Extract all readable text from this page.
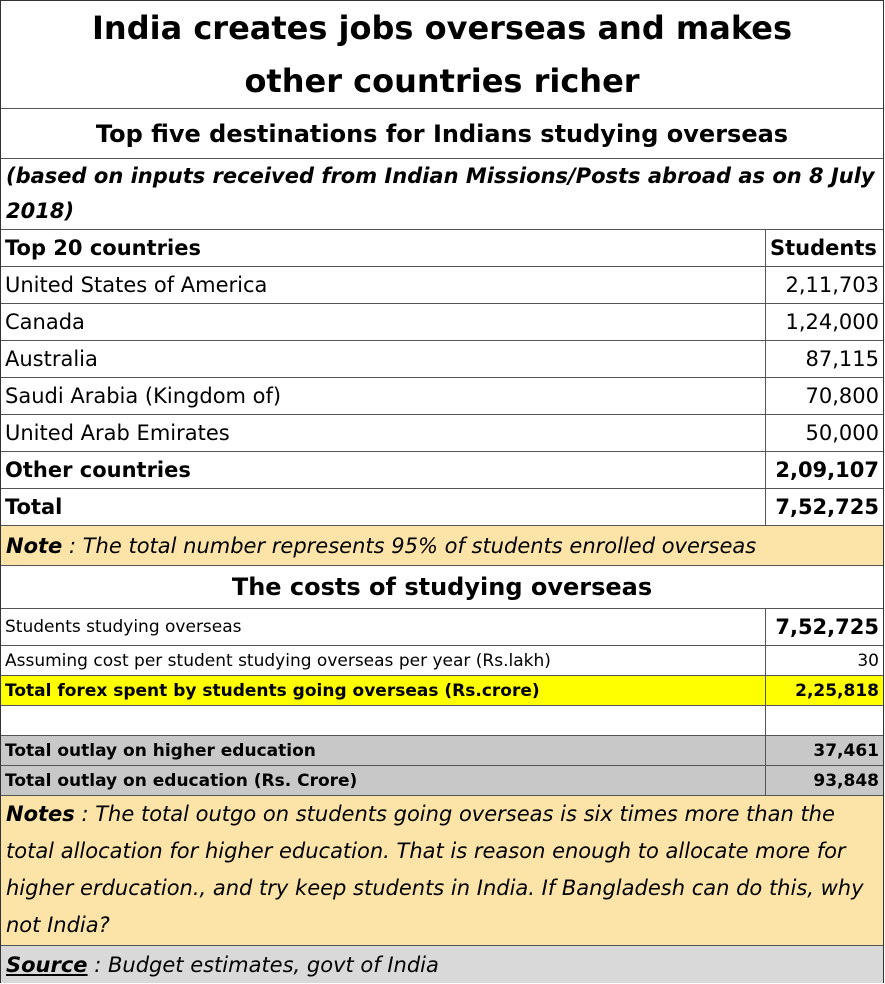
India creates jobs overseas and makes other countries richer
Top five destinations for Indians studying overseas
(based on inputs received from Indian Missions/Posts abroad as on 8 July 2018)
Top 20 countries	Students
United States of America	2,11,703
Canada	1,24,000
Australia	87,115
Saudi Arabia (Kingdom of)	70,800
United Arab Emirates	50,000
Other countries	2,09,107
Total	7,52,725
Note : The total number represents 95% of students enrolled overseas
The costs of studying overseas
Students studying overseas	7,52,725
Assuming cost per student studying overseas per year (Rs.lakh)	30
Total forex spent by students going overseas (Rs.crore)	2,25,818
Total outlay on higher education	37,461
Total outlay on education (Rs. Crore)	93,848
Notes : The total outgo on students going overseas is six times more than the total allocation for higher education. That is reason enough to allocate more for higher erducation., and try keep students in India. If Bangladesh can do this, why not India?
Source : Budget estimates, govt of India
